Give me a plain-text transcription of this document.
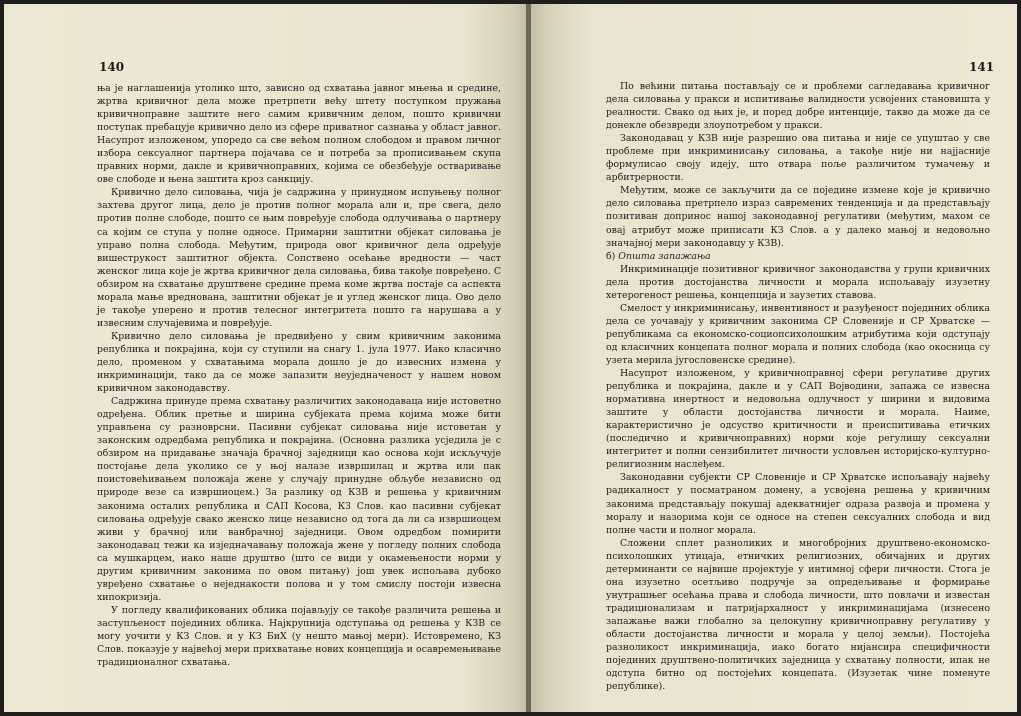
140

ња је наглашенија утолико што, зависно од схватања јавног мњења и средине, жртва кривичног дела може претрпети већу штету поступком пружања кривичноправне заштите него самим кривичним делом, пошто кривични поступак пребацује кривично дело из сфере приватног сазнања у област јавног. Насупрот изложеном, упоредо са све већом полном слободом и правом личног избора сексуалног партнера појачава се и потреба за прописивањем скупа правних норми, дакле и кривичноправних, којима се обезбеђује остваривање ове слободе и њена заштита кроз санкцију.

Кривично дело силовања, чија је садржина у принудном испуњењу полног захтева другог лица, дело је против полног морала али и, пре свега, дело против полне слободе, пошто се њим повређује слобода одлучивања о партнеру са којим се ступа у полне односе. Примарни заштитни објекат силовања је управо полна слобода. Међутим, природа овог кривичног дела одређује вишеструкост заштитног објекта. Сопствено осећање вредности — част женског лица које је жртва кривичног дела силовања, бива такође повређено. С обзиром на схватање друштвене средине према коме жртва постаје са аспекта морала мање вреднована, заштитни објекат је и углед женског лица. Ово дело је такође уперено и против телесног интегритета пошто га нарушава а у извесним случајевима и повређује.

Кривично дело силовања је предвиђено у свим кривичним законима република и покрајина, који су ступили на снагу 1. јула 1977. Иако класично дело, променом у схватањима морала дошло је до извесних измена у инкриминацији, тако да се може запазити неуједначеност у нашем новом кривичном законодавству.

Садржина принуде према схватању различитих законодаваца није истоветно одређена. Облик претње и ширина субјеката према којима може бити управљена су разноврсни. Пасивни субјекат силовања није истоветан у законским одредбама република и покрајина. (Основна разлика усједила је с обзиром на придавање значаја брачној заједници као основа који искључује постојање дела уколико се у њој налазе извршилац и жртва или пак поистовећивањем положаја жене у случају принудне обљубе независно од природе везе са извршиоцем.) За разлику од КЗВ и решења у кривичним законима осталих република и САП Косова, КЗ Слов. као пасивни субјекат силовања одређује свако женско лице независно од тога да ли са извршиоцем живи у брачној или ванбрачној заједници. Овом одредбом помирити законодавац тежи ка изједначавању положаја жене у погледу полних слобода са мушкарцем, иако наше друштво (што се види у окамењености норми у другим кривичним законима по овом питању) још увек испољава дубоко увређено схватање о неједнакости полова и у том смислу постоји извесна хипокризија.

У погледу квалификованих облика појављују се такође различита решења и заступљеност појединих облика. Најкрупнија одступања од решења у КЗВ се могу уочити у КЗ Слов. и у КЗ БиХ (у нешто мањој мери). Истовремено, КЗ Слов. показује у највећој мери прихватање нових концепција и осавремењивање традиционалног схватања.

141

По већини питања постављају се и проблеми сагледавања кривичног дела силовања у пракси и испитивање валидности усвојених становишта у реалности. Свако од њих је, и поред добре интенције, такво да може да се донекле обезвреди злоупотребом у пракси.

Законодавац у КЗВ није разрешио ова питања и није се упуштао у све проблеме при инкриминисању силовања, а такође није ни најјасније формулисао своју идеју, што отвара поље различитом тумачењу и арбитрерности.

Међутим, може се закључити да се поједине измене које је кривично дело силовања претрпело израз савремених тенденција и да представљају позитиван допринос нашој законодавној регулативи (међутим, махом се овај атрибут може приписати КЗ Слов. а у далеко мањој и недовољно значајној мери законодавцу у КЗВ).

б) Општа запажања

Инкриминације позитивног кривичног законодавства у групи кривичних дела против достојанства личности и морала испољавају изузетну хетерогеност решења, концепција и заузетих ставова.

Смелост у инкриминисању, инвентивност и разуђеност појединих облика дела се уочавају у кривичним законима СР Словеније и СР Хрватске — републикама са економско-социопсихолошким атрибутима који одступају од класичних концепата полног морала и полних слобода (као окосница су узета мерила југословенске средине).

Насупрот изложеном, у кривичноправној сфери регулативе других република и покрајина, дакле и у САП Војводини, запажа се извесна нормативна инертност и недовољна одлучност у ширини и видовима заштите у области достојанства личности и морала. Наиме, карактеристично је одсуство критичности и преиспитивања етичких (последично и кривичноправних) норми које регулишу сексуални интегритет и полни сензибилитет личности условљен историјско-културно-религиозним наслеђем.

Законодавни субјекти СР Словеније и СР Хрватске испољавају највећу радикалност у посматраном домену, а усвојена решења у кривичним законима представљају покушај адекватнијег одраза развоја и промена у моралу и назорима који се односе на степен сексуалних слобода и вид полне части и полног морала.

Сложени сплет разноликих и многобројних друштвено-економско-психолошких утицаја, етничких религиозних, обичајних и других детерминанти се највише пројектује у интимној сфери личности. Стога је она изузетно осетљиво подручје за опредељивање и формирање унутрашњег осећања права и слобода личности, што повлачи и известан традиционализам и патријархалност у инкриминацијама (изнесено запажање важи глобално за целокупну кривичноправну регулативу у области достојанства личности и морала у целој земљи). Постојећа разноликост инкриминација, иако богато нијансира специфичности појединих друштвено-политичких заједница у схватању полности, ипак не одступа битно од постојећих концепата. (Изузетак чине поменуте републике).
